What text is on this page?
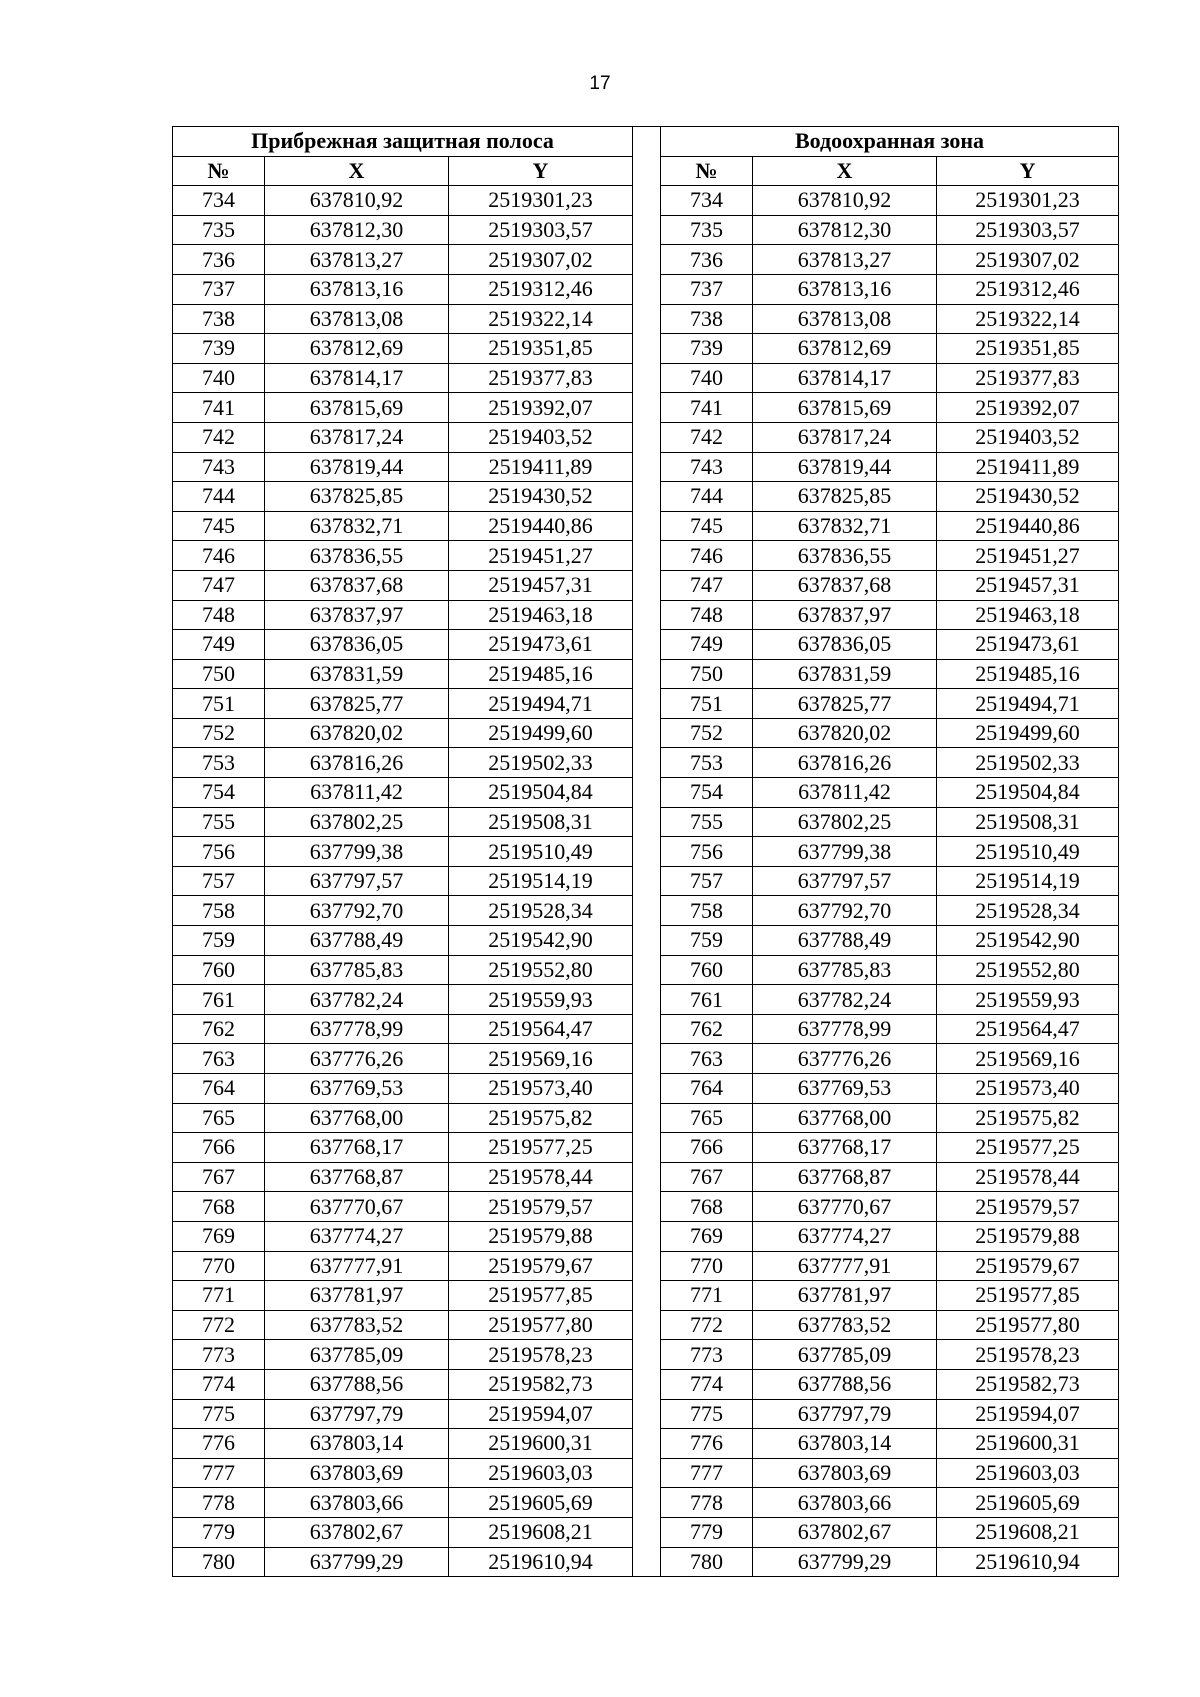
17
Прибрежная защитная полоса				Водоохранная зона		
№	X	Y		№	X	Y
734	637810,92	2519301,23		734	637810,92	2519301,23
735	637812,30	2519303,57		735	637812,30	2519303,57
736	637813,27	2519307,02		736	637813,27	2519307,02
737	637813,16	2519312,46		737	637813,16	2519312,46
738	637813,08	2519322,14		738	637813,08	2519322,14
739	637812,69	2519351,85		739	637812,69	2519351,85
740	637814,17	2519377,83		740	637814,17	2519377,83
741	637815,69	2519392,07		741	637815,69	2519392,07
742	637817,24	2519403,52		742	637817,24	2519403,52
743	637819,44	2519411,89		743	637819,44	2519411,89
744	637825,85	2519430,52		744	637825,85	2519430,52
745	637832,71	2519440,86		745	637832,71	2519440,86
746	637836,55	2519451,27		746	637836,55	2519451,27
747	637837,68	2519457,31		747	637837,68	2519457,31
748	637837,97	2519463,18		748	637837,97	2519463,18
749	637836,05	2519473,61		749	637836,05	2519473,61
750	637831,59	2519485,16		750	637831,59	2519485,16
751	637825,77	2519494,71		751	637825,77	2519494,71
752	637820,02	2519499,60		752	637820,02	2519499,60
753	637816,26	2519502,33		753	637816,26	2519502,33
754	637811,42	2519504,84		754	637811,42	2519504,84
755	637802,25	2519508,31		755	637802,25	2519508,31
756	637799,38	2519510,49		756	637799,38	2519510,49
757	637797,57	2519514,19		757	637797,57	2519514,19
758	637792,70	2519528,34		758	637792,70	2519528,34
759	637788,49	2519542,90		759	637788,49	2519542,90
760	637785,83	2519552,80		760	637785,83	2519552,80
761	637782,24	2519559,93		761	637782,24	2519559,93
762	637778,99	2519564,47		762	637778,99	2519564,47
763	637776,26	2519569,16		763	637776,26	2519569,16
764	637769,53	2519573,40		764	637769,53	2519573,40
765	637768,00	2519575,82		765	637768,00	2519575,82
766	637768,17	2519577,25		766	637768,17	2519577,25
767	637768,87	2519578,44		767	637768,87	2519578,44
768	637770,67	2519579,57		768	637770,67	2519579,57
769	637774,27	2519579,88		769	637774,27	2519579,88
770	637777,91	2519579,67		770	637777,91	2519579,67
771	637781,97	2519577,85		771	637781,97	2519577,85
772	637783,52	2519577,80		772	637783,52	2519577,80
773	637785,09	2519578,23		773	637785,09	2519578,23
774	637788,56	2519582,73		774	637788,56	2519582,73
775	637797,79	2519594,07		775	637797,79	2519594,07
776	637803,14	2519600,31		776	637803,14	2519600,31
777	637803,69	2519603,03		777	637803,69	2519603,03
778	637803,66	2519605,69		778	637803,66	2519605,69
779	637802,67	2519608,21		779	637802,67	2519608,21
780	637799,29	2519610,94		780	637799,29	2519610,94
